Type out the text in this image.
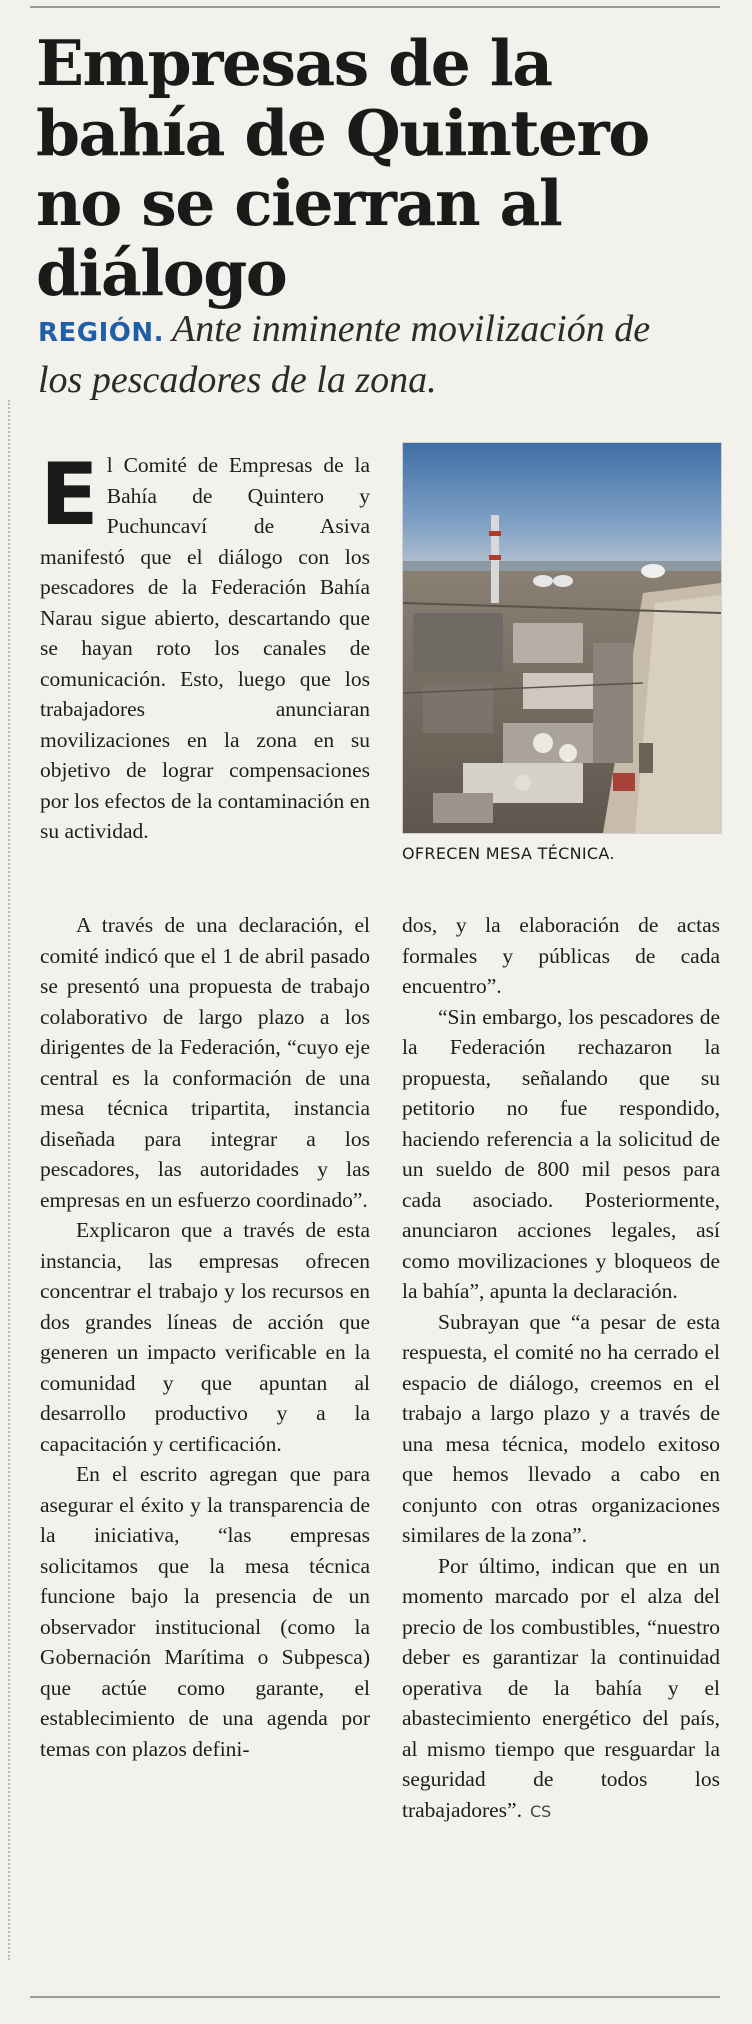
Empresas de la bahía de Quintero no se cierran al diálogo
REGIÓN. Ante inminente movilización de los pescadores de la zona.
El Comité de Empresas de la Bahía de Quintero y Puchuncaví de Asiva manifestó que el diálogo con los pescadores de la Federación Bahía Narau sigue abierto, descartando que se hayan roto los canales de comunicación. Esto, luego que los trabajadores anunciaran movilizaciones en la zona en su objetivo de lograr compensaciones por los efectos de la contaminación en su actividad.
OFRECEN MESA TÉCNICA.

A través de una declaración, el comité indicó que el 1 de abril pasado se presentó una propuesta de trabajo colaborativo de largo plazo a los dirigentes de la Federación, “cuyo eje central es la conformación de una mesa técnica tripartita, instancia diseñada para integrar a los pescadores, las autoridades y las empresas en un esfuerzo coordinado”.

Explicaron que a través de esta instancia, las empresas ofrecen concentrar el trabajo y los recursos en dos grandes líneas de acción que generen un impacto verificable en la comunidad y que apuntan al desarrollo productivo y a la capacitación y certificación.

En el escrito agregan que para asegurar el éxito y la transparencia de la iniciativa, “las empresas solicitamos que la mesa técnica funcione bajo la presencia de un observador institucional (como la Gobernación Marítima o Subpesca) que actúe como garante, el establecimiento de una agenda por temas con plazos defini-

dos, y la elaboración de actas formales y públicas de cada encuentro”.

“Sin embargo, los pescadores de la Federación rechazaron la propuesta, señalando que su petitorio no fue respondido, haciendo referencia a la solicitud de un sueldo de 800 mil pesos para cada asociado. Posteriormente, anunciaron acciones legales, así como movilizaciones y bloqueos de la bahía”, apunta la declaración.

Subrayan que “a pesar de esta respuesta, el comité no ha cerrado el espacio de diálogo, creemos en el trabajo a largo plazo y a través de una mesa técnica, modelo exitoso que hemos llevado a cabo en conjunto con otras organizaciones similares de la zona”.

Por último, indican que en un momento marcado por el alza del precio de los combustibles, “nuestro deber es garantizar la continuidad operativa de la bahía y el abastecimiento energético del país, al mismo tiempo que resguardar la seguridad de todos los trabajadores”. CS
